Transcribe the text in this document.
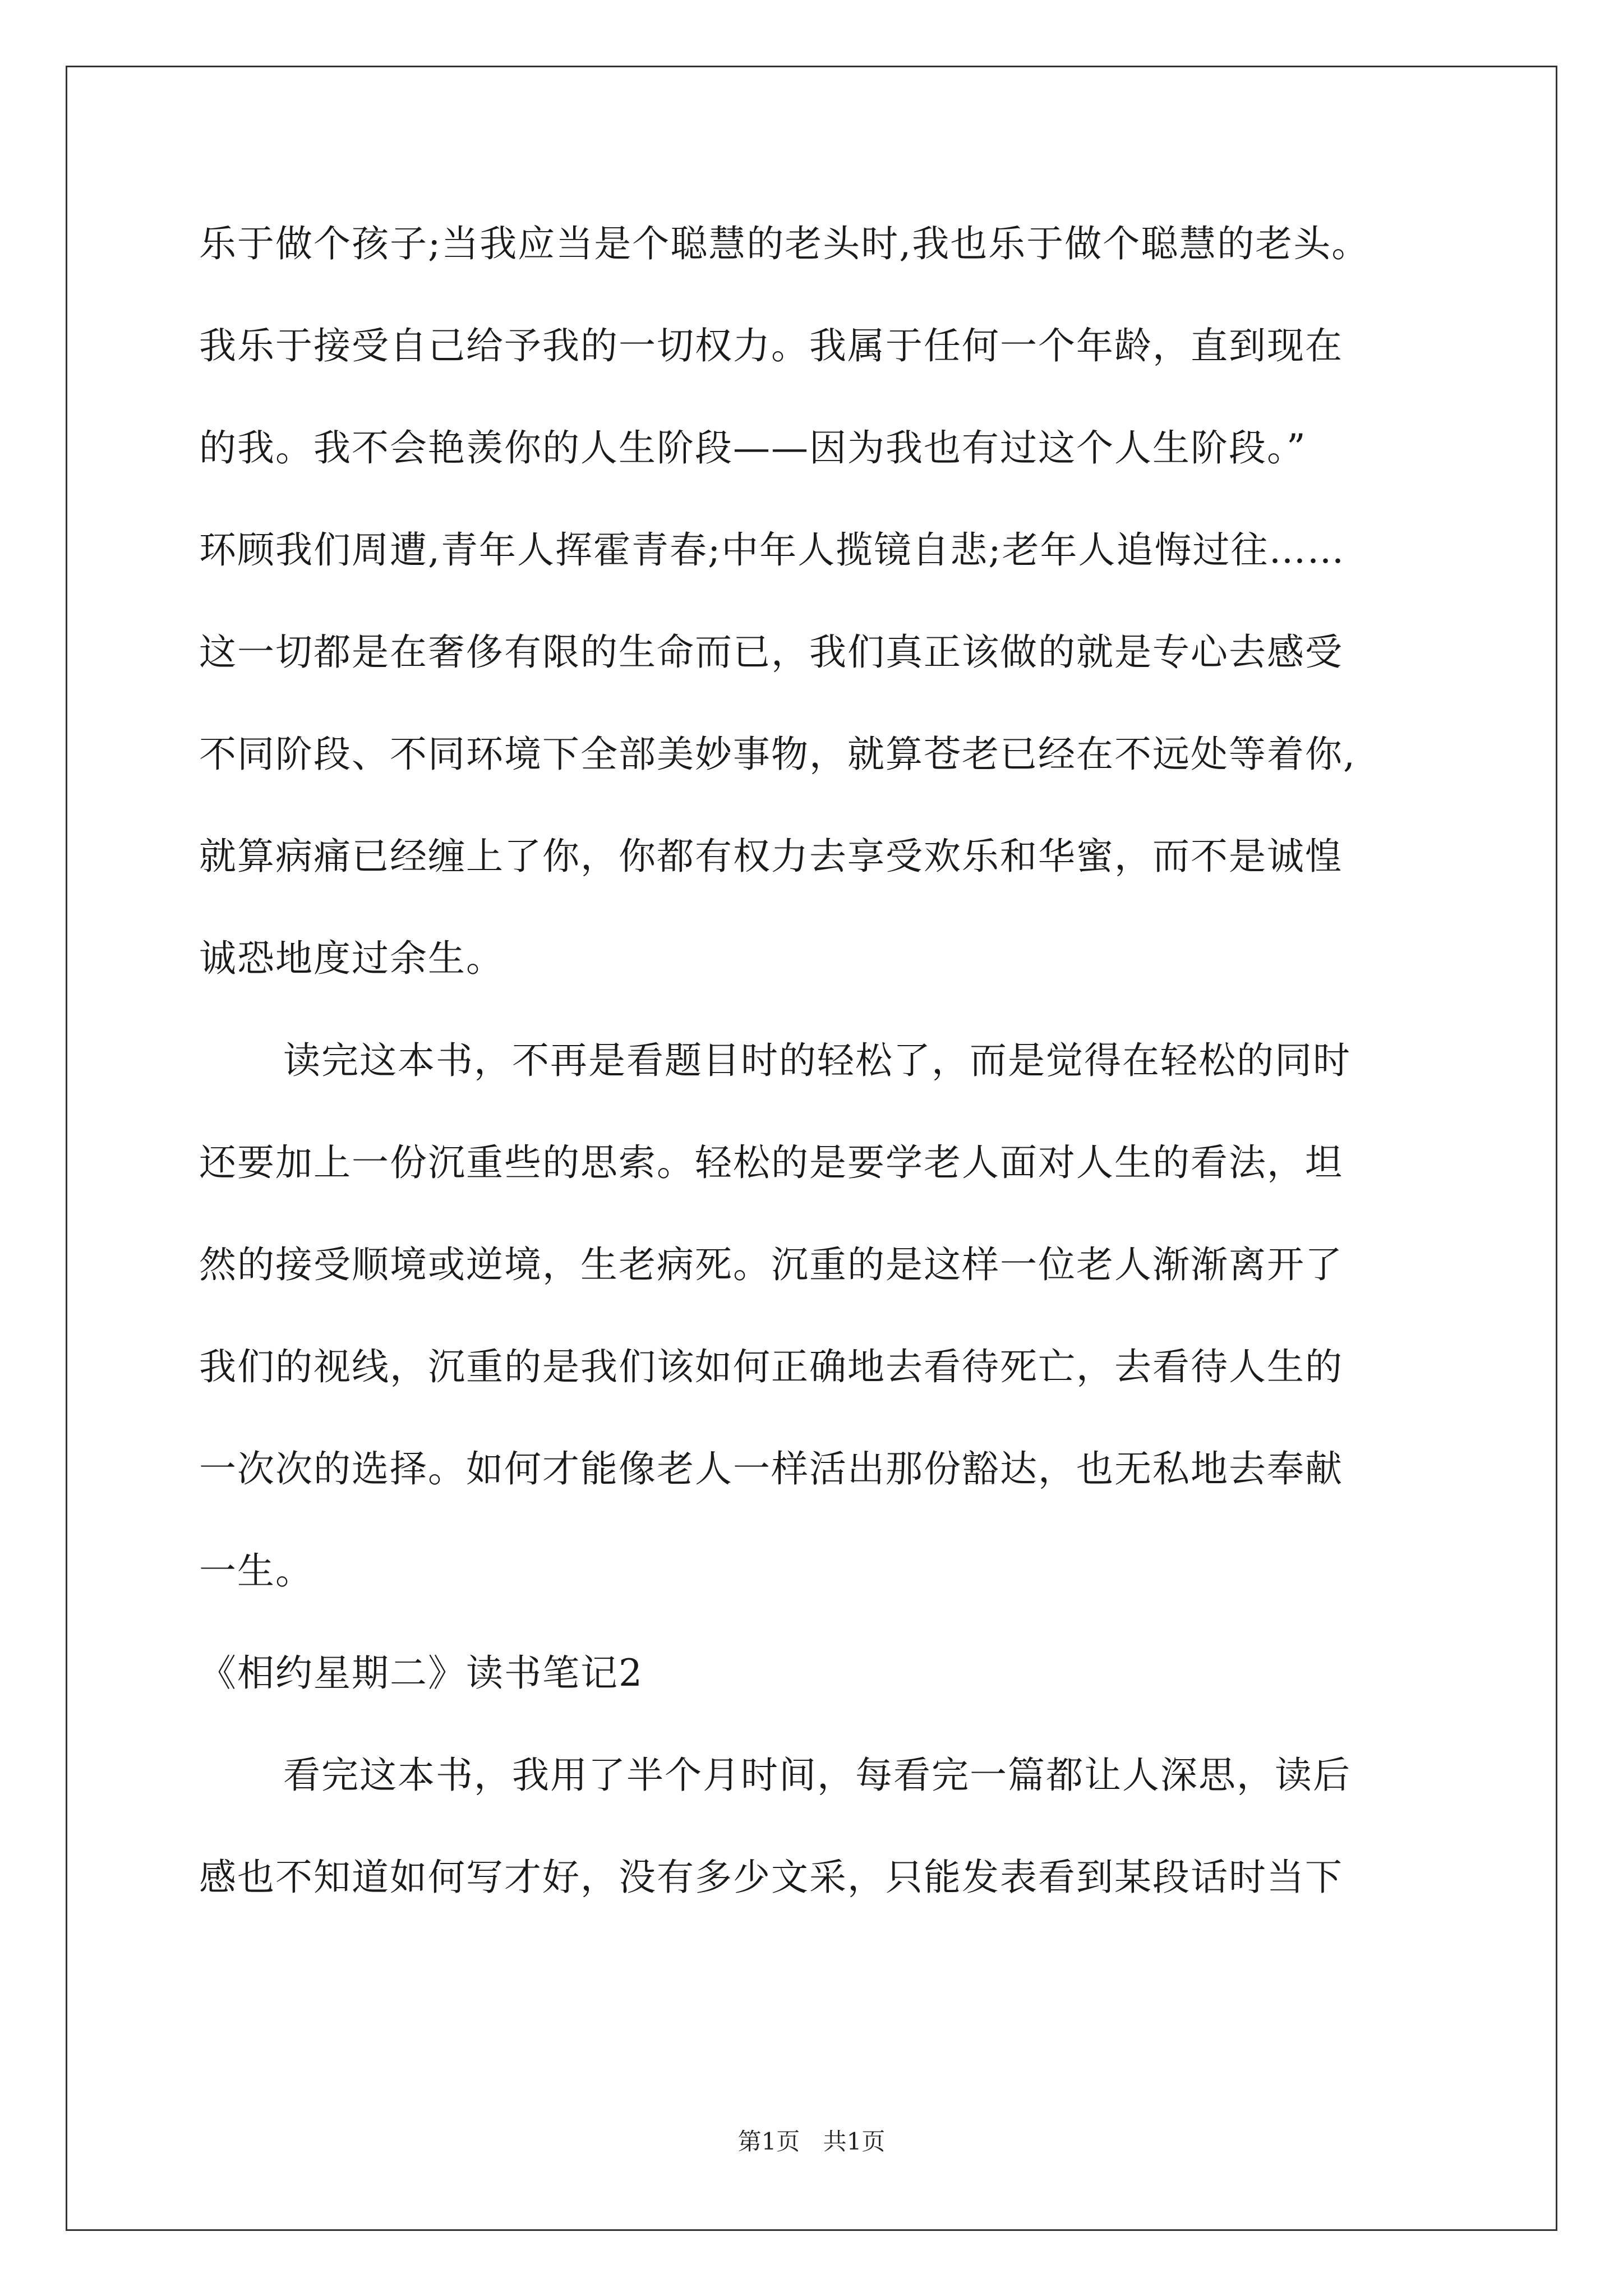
乐于做个孩子;当我应当是个聪慧的老头时,我也乐于做个聪慧的老头。
我乐于接受自己给予我的一切权力。我属于任何一个年龄，直到现在
的我。我不会艳羡你的人生阶段——因为我也有过这个人生阶段。”
环顾我们周遭,青年人挥霍青春;中年人揽镜自悲;老年人追悔过往……
这一切都是在奢侈有限的生命而已，我们真正该做的就是专心去感受
不同阶段、不同环境下全部美妙事物，就算苍老已经在不远处等着你,
就算病痛已经缠上了你，你都有权力去享受欢乐和华蜜，而不是诚惶
诚恐地度过余生。
读完这本书，不再是看题目时的轻松了，而是觉得在轻松的同时
还要加上一份沉重些的思索。轻松的是要学老人面对人生的看法，坦
然的接受顺境或逆境，生老病死。沉重的是这样一位老人渐渐离开了
我们的视线，沉重的是我们该如何正确地去看待死亡，去看待人生的
一次次的选择。如何才能像老人一样活出那份豁达，也无私地去奉献
一生。
《相约星期二》读书笔记2
看完这本书，我用了半个月时间，每看完一篇都让人深思，读后
感也不知道如何写才好，没有多少文采，只能发表看到某段话时当下
第1页 共1页
